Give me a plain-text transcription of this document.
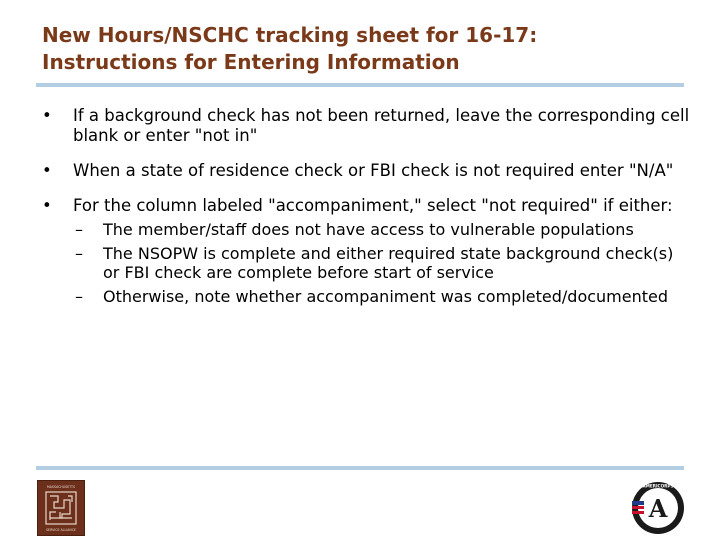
New Hours/NSCHC tracking sheet for 16-17:
Instructions for Entering Information
• If a background check has not been returned, leave the corresponding cell blank or enter "not in"
• When a state of residence check or FBI check is not required enter "N/A"
• For the column labeled "accompaniment," select "not required" if either:
– The member/staff does not have access to vulnerable populations
– The NSOPW is complete and either required state background check(s) or FBI check are complete before start of service
– Otherwise, note whether accompaniment was completed/documented
MASSACHUSETTS
SERVICE ALLIANCE
A
AMERICORPS
